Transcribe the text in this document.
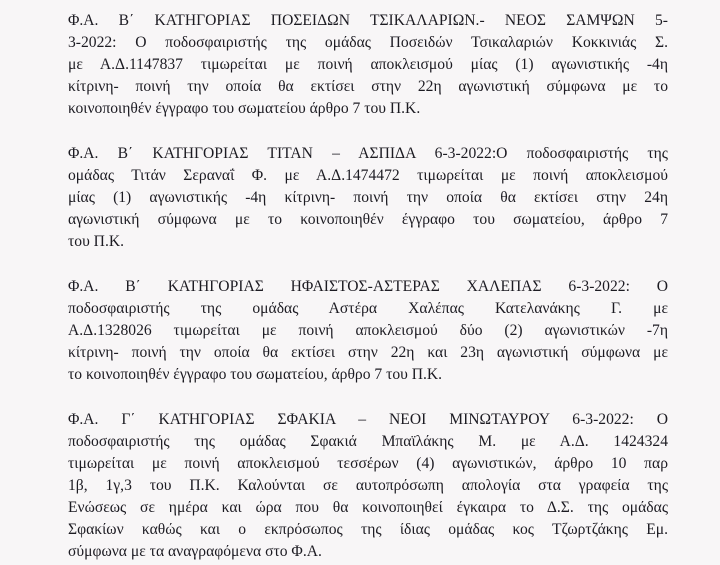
Φ.Α. Β΄ ΚΑΤΗΓΟΡΙΑΣ ΠΟΣΕΙΔΩΝ ΤΣΙΚΑΛΑΡΙΩΝ.- ΝΕΟΣ ΣΑΜΨΩΝ 5-
3-2022: Ο ποδοσφαιριστής της ομάδας Ποσειδών Τσικαλαριών Κοκκινιάς Σ.
με Α.Δ.1147837 τιμωρείται με ποινή αποκλεισμού μίας (1) αγωνιστικής -4η
κίτρινη- ποινή την οποία θα εκτίσει στην 22η αγωνιστική σύμφωνα με το
κοινοποιηθέν έγγραφο του σωματείου άρθρο 7 του Π.Κ.
Φ.Α. Β΄ ΚΑΤΗΓΟΡΙΑΣ ΤΙΤΑΝ – ΑΣΠΙΔΑ 6-3-2022:Ο ποδοσφαιριστής της
ομάδας Τιτάν Σεραναΐ Φ. με Α.Δ.1474472 τιμωρείται με ποινή αποκλεισμού
μίας (1) αγωνιστικής -4η κίτρινη- ποινή την οποία θα εκτίσει στην 24η
αγωνιστική σύμφωνα με το κοινοποιηθέν έγγραφο του σωματείου, άρθρο 7
του Π.Κ.
Φ.Α. Β΄ ΚΑΤΗΓΟΡΙΑΣ ΗΦΑΙΣΤΟΣ-ΑΣΤΕΡΑΣ ΧΑΛΕΠΑΣ 6-3-2022: Ο
ποδοσφαιριστής της ομάδας Αστέρα Χαλέπας Κατελανάκης Γ. με
Α.Δ.1328026 τιμωρείται με ποινή αποκλεισμού δύο (2) αγωνιστικών -7η
κίτρινη- ποινή την οποία θα εκτίσει στην 22η και 23η αγωνιστική σύμφωνα με
το κοινοποιηθέν έγγραφο του σωματείου, άρθρο 7 του Π.Κ.
Φ.Α. Γ΄ ΚΑΤΗΓΟΡΙΑΣ ΣΦΑΚΙΑ – ΝΕΟΙ ΜΙΝΩΤΑΥΡΟΥ 6-3-2022: Ο
ποδοσφαιριστής της ομάδας Σφακιά Μπαϊλάκης Μ. με Α.Δ. 1424324
τιμωρείται με ποινή αποκλεισμού τεσσέρων (4) αγωνιστικών, άρθρο 10 παρ
1β, 1γ,3 του Π.Κ. Καλούνται σε αυτοπρόσωπη απολογία στα γραφεία της
Ενώσεως σε ημέρα και ώρα που θα κοινοποιηθεί έγκαιρα το Δ.Σ. της ομάδας
Σφακίων καθώς και ο εκπρόσωπος της ίδιας ομάδας κος Τζωρτζάκης Εμ.
σύμφωνα με τα αναγραφόμενα στο Φ.Α.
